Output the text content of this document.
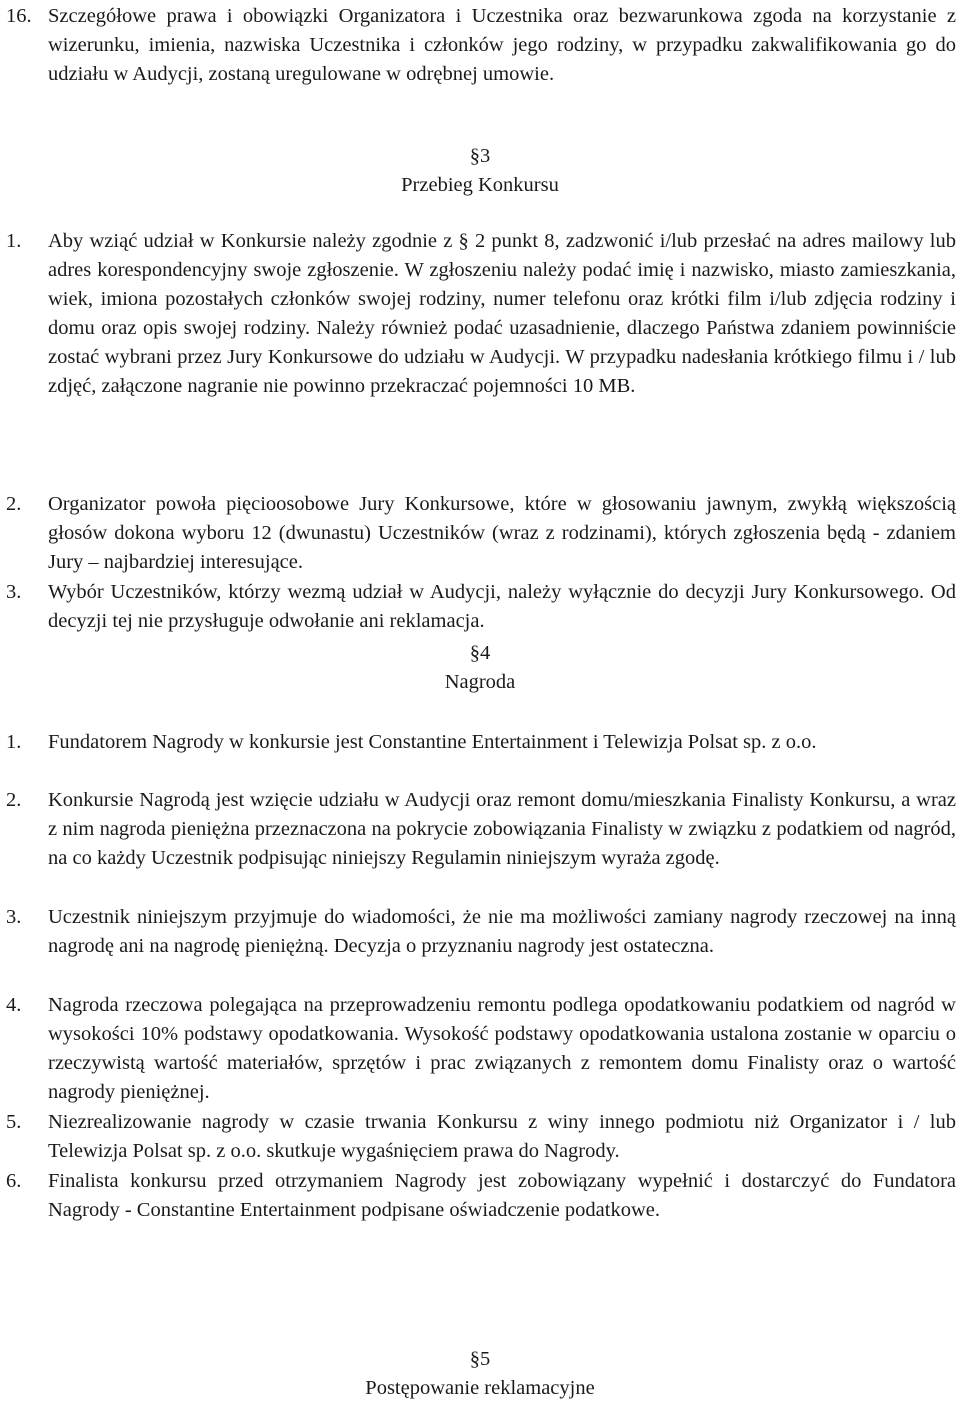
16. Szczegółowe prawa i obowiązki Organizatora i Uczestnika oraz bezwarunkowa zgoda na korzystanie z wizerunku, imienia, nazwiska Uczestnika i członków jego rodziny, w przypadku zakwalifikowania go do udziału w Audycji, zostaną uregulowane w odrębnej umowie.
§3
Przebieg Konkursu
1. Aby wziąć udział w Konkursie należy zgodnie z § 2 punkt 8, zadzwonić i/lub przesłać na adres mailowy lub adres korespondencyjny swoje zgłoszenie. W zgłoszeniu należy podać imię i nazwisko, miasto zamieszkania, wiek, imiona pozostałych członków swojej rodziny, numer telefonu oraz krótki film i/lub zdjęcia rodziny i domu oraz opis swojej rodziny. Należy również podać uzasadnienie, dlaczego Państwa zdaniem powinniście zostać wybrani przez Jury Konkursowe do udziału w Audycji. W przypadku nadesłania krótkiego filmu i / lub zdjęć, załączone nagranie nie powinno przekraczać pojemności 10 MB.
2. Organizator powoła pięcioosobowe Jury Konkursowe, które w głosowaniu jawnym, zwykłą większością głosów dokona wyboru 12 (dwunastu) Uczestników (wraz z rodzinami), których zgłoszenia będą - zdaniem Jury – najbardziej interesujące.
3. Wybór Uczestników, którzy wezmą udział w Audycji, należy wyłącznie do decyzji Jury Konkursowego. Od decyzji tej nie przysługuje odwołanie ani reklamacja.
§4
Nagroda
1. Fundatorem Nagrody w konkursie jest Constantine Entertainment i Telewizja Polsat sp. z o.o.
2. Konkursie Nagrodą jest wzięcie udziału w Audycji oraz remont domu/mieszkania Finalisty Konkursu, a wraz z nim nagroda pieniężna przeznaczona na pokrycie zobowiązania Finalisty w związku z podatkiem od nagród, na co każdy Uczestnik podpisując niniejszy Regulamin niniejszym wyraża zgodę.
3. Uczestnik niniejszym przyjmuje do wiadomości, że nie ma możliwości zamiany nagrody rzeczowej na inną nagrodę ani na nagrodę pieniężną. Decyzja o przyznaniu nagrody jest ostateczna.
4. Nagroda rzeczowa polegająca na przeprowadzeniu remontu podlega opodatkowaniu podatkiem od nagród w wysokości 10% podstawy opodatkowania. Wysokość podstawy opodatkowania ustalona zostanie w oparciu o rzeczywistą wartość materiałów, sprzętów i prac związanych z remontem domu Finalisty oraz o wartość nagrody pieniężnej.
5. Niezrealizowanie nagrody w czasie trwania Konkursu z winy innego podmiotu niż Organizator i / lub Telewizja Polsat sp. z o.o. skutkuje wygaśnięciem prawa do Nagrody.
6. Finalista konkursu przed otrzymaniem Nagrody jest zobowiązany wypełnić i dostarczyć do Fundatora Nagrody - Constantine Entertainment podpisane oświadczenie podatkowe.
§5
Postępowanie reklamacyjne
